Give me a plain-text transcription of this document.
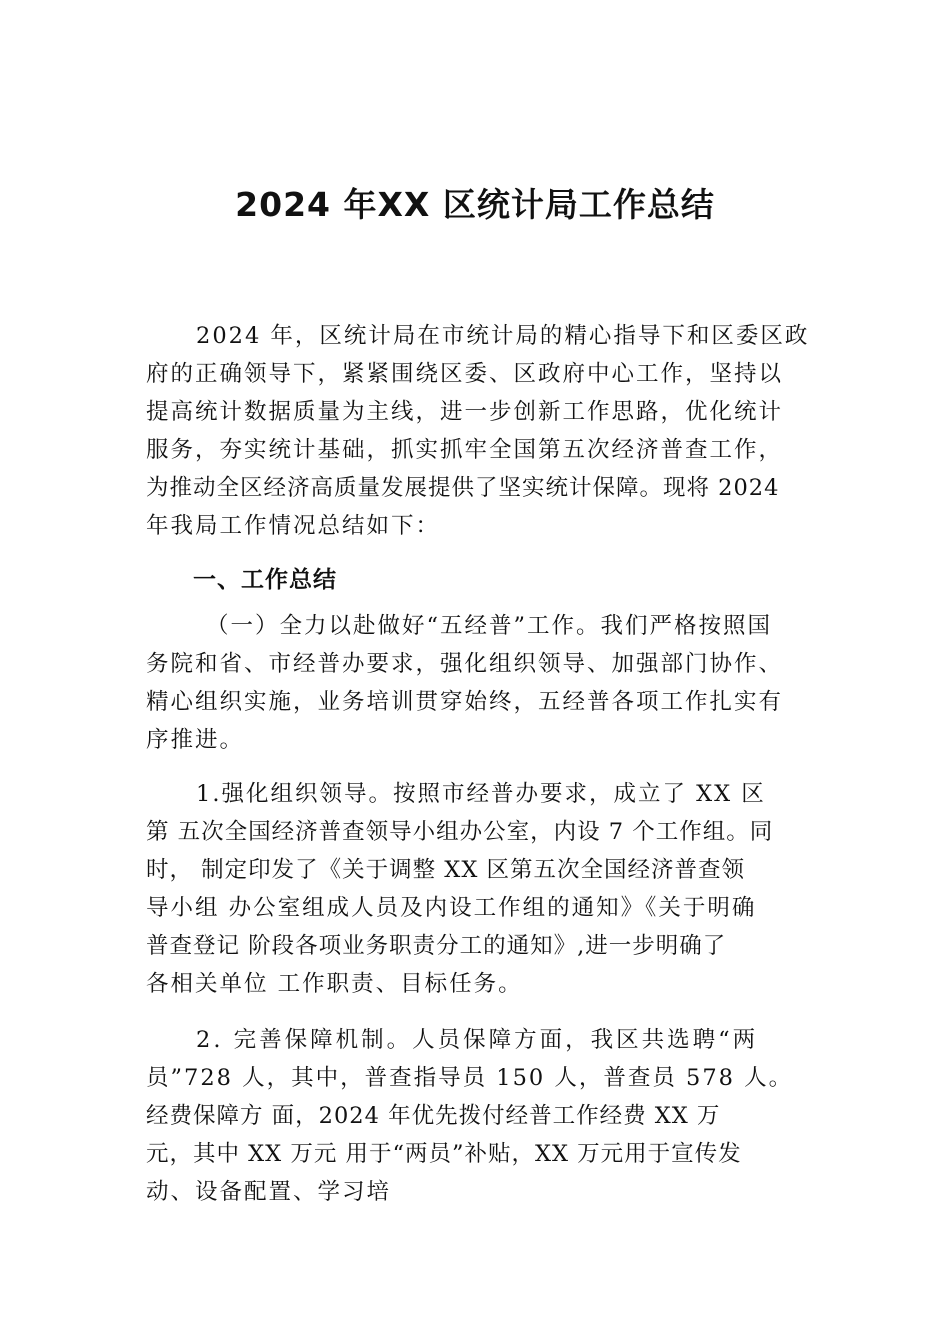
2024 年XX 区统计局工作总结
2024 年，区统计局在市统计局的精心指导下和区委区政
府的正确领导下，紧紧围绕区委、区政府中心工作，坚持以
提高统计数据质量为主线，进一步创新工作思路，优化统计
服务，夯实统计基础，抓实抓牢全国第五次经济普查工作，
为推动全区经济高质量发展提供了坚实统计保障。现将 2024
年我局工作情况总结如下：
一、工作总结
（一）全力以赴做好“五经普”工作。我们严格按照国
务院和省、市经普办要求，强化组织领导、加强部门协作、
精心组织实施，业务培训贯穿始终，五经普各项工作扎实有
序推进。
1.强化组织领导。按照市经普办要求，成立了 XX 区
第 五次全国经济普查领导小组办公室，内设 7 个工作组。同
时， 制定印发了《关于调整 XX 区第五次全国经济普查领
导小组 办公室组成人员及内设工作组的通知》《关于明确
普查登记 阶段各项业务职责分工的通知》,进一步明确了
各相关单位 工作职责、目标任务。
2. 完善保障机制。人员保障方面，我区共选聘“两
员”728 人，其中，普查指导员 150 人，普查员 578 人。
经费保障方 面，2024 年优先拨付经普工作经费 XX 万
元，其中 XX 万元 用于“两员”补贴，XX 万元用于宣传发
动、设备配置、学习培
